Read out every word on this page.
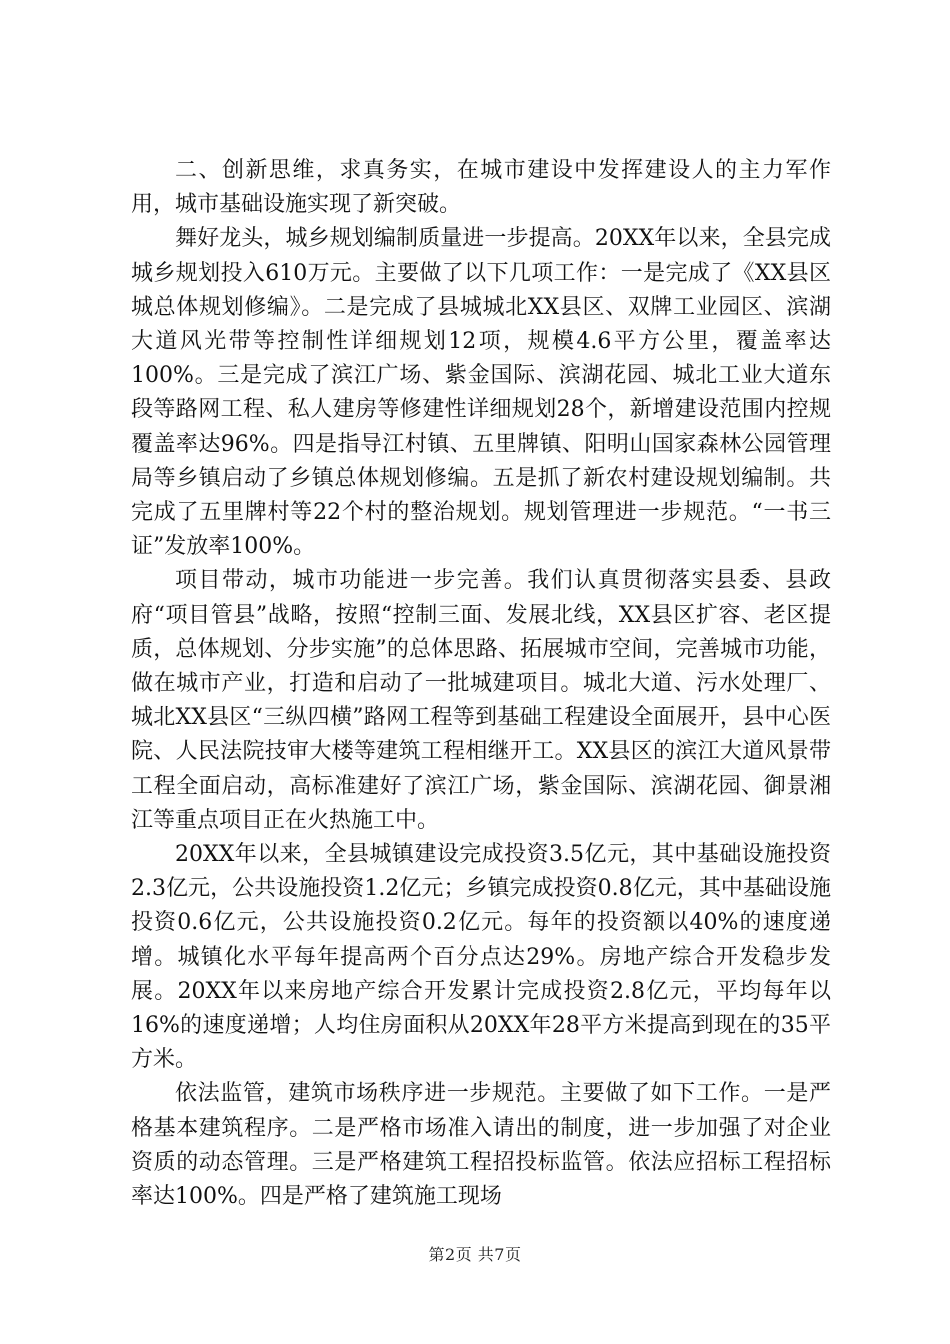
二、创新思维，求真务实，在城市建设中发挥建设人的主力军作用，城市基础设施实现了新突破。

舞好龙头，城乡规划编制质量进一步提高。20XX年以来，全县完成城乡规划投入610万元。主要做了以下几项工作：一是完成了《XX县区城总体规划修编》。二是完成了县城城北XX县区、双牌工业园区、滨湖大道风光带等控制性详细规划12项，规模4.6平方公里，覆盖率达100%。三是完成了滨江广场、紫金国际、滨湖花园、城北工业大道东段等路网工程、私人建房等修建性详细规划28个，新增建设范围内控规覆盖率达96%。四是指导江村镇、五里牌镇、阳明山国家森林公园管理局等乡镇启动了乡镇总体规划修编。五是抓了新农村建设规划编制。共完成了五里牌村等22个村的整治规划。规划管理进一步规范。“一书三证”发放率100%。

项目带动，城市功能进一步完善。我们认真贯彻落实县委、县政府“项目管县”战略，按照“控制三面、发展北线，XX县区扩容、老区提质，总体规划、分步实施”的总体思路、拓展城市空间，完善城市功能，做在城市产业，打造和启动了一批城建项目。城北大道、污水处理厂、城北XX县区“三纵四横”路网工程等到基础工程建设全面展开，县中心医院、人民法院技审大楼等建筑工程相继开工。XX县区的滨江大道风景带工程全面启动，高标准建好了滨江广场，紫金国际、滨湖花园、御景湘江等重点项目正在火热施工中。

20XX年以来，全县城镇建设完成投资3.5亿元，其中基础设施投资2.3亿元，公共设施投资1.2亿元；乡镇完成投资0.8亿元，其中基础设施投资0.6亿元，公共设施投资0.2亿元。每年的投资额以40%的速度递增。城镇化水平每年提高两个百分点达29%。房地产综合开发稳步发展。20XX年以来房地产综合开发累计完成投资2.8亿元，平均每年以16%的速度递增；人均住房面积从20XX年28平方米提高到现在的35平方米。

依法监管，建筑市场秩序进一步规范。主要做了如下工作。一是严格基本建筑程序。二是严格市场准入请出的制度，进一步加强了对企业资质的动态管理。三是严格建筑工程招投标监管。依法应招标工程招标率达100%。四是严格了建筑施工现场

第2页 共7页
